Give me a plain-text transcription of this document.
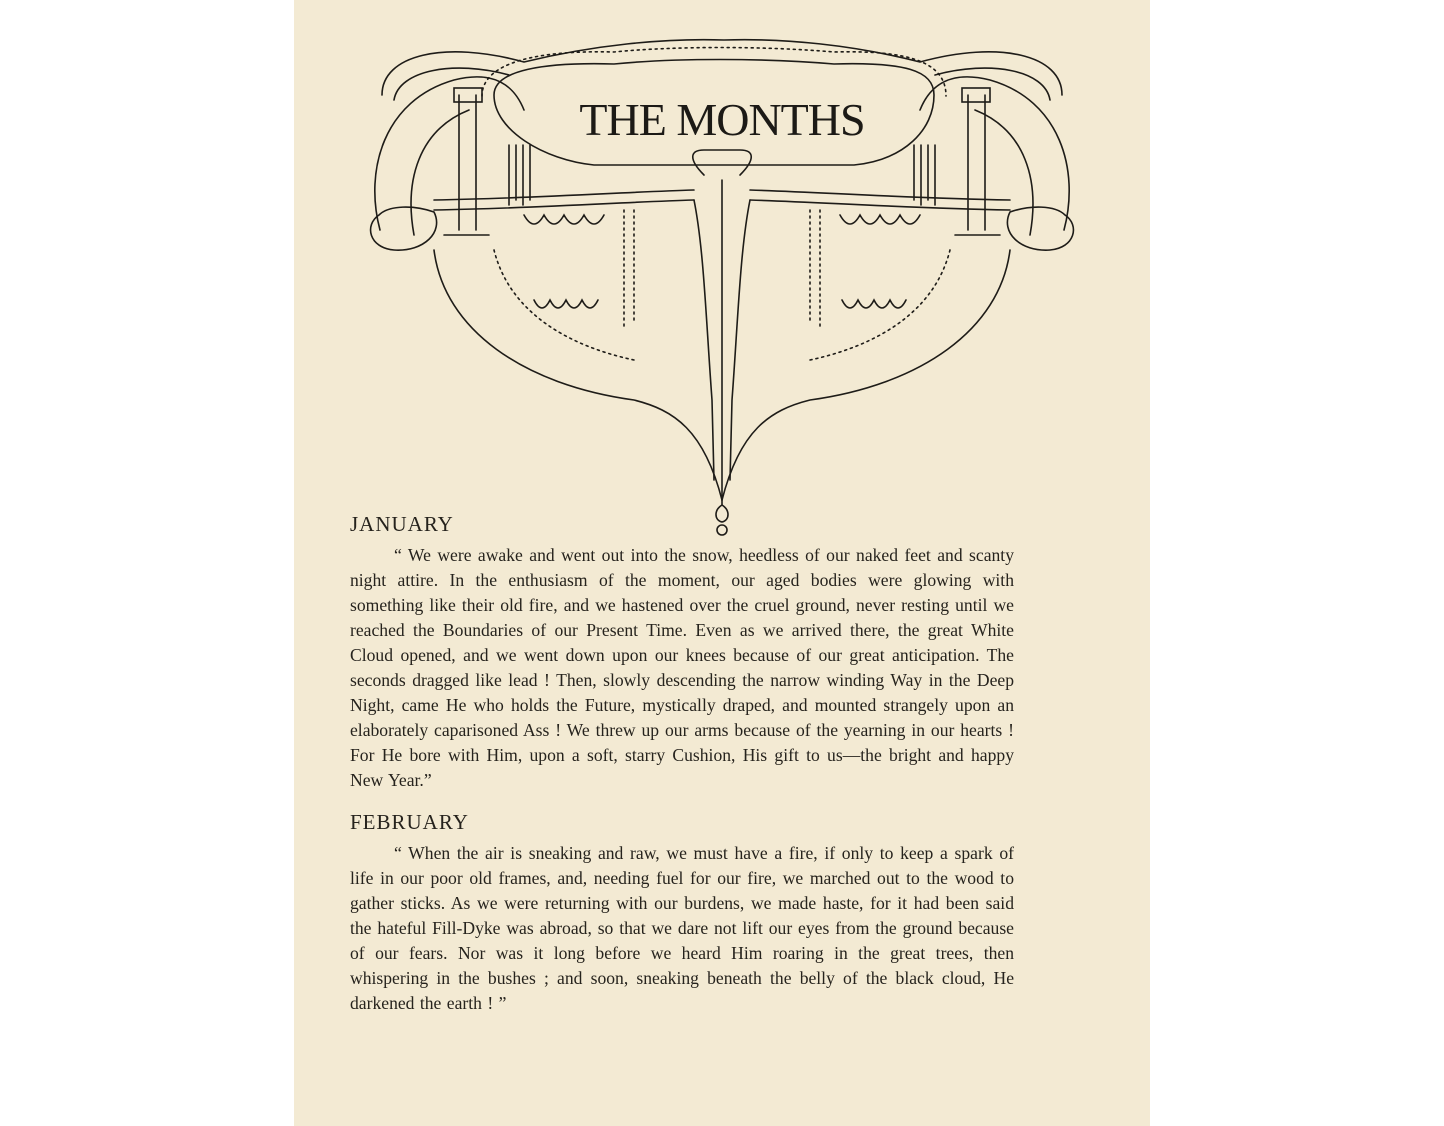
THE MONTHS
JANUARY

“ We were awake and went out into the snow, heedless of our naked feet and scanty night attire. In the enthusiasm of the moment, our aged bodies were glowing with something like their old fire, and we hastened over the cruel ground, never resting until we reached the Boundaries of our Present Time. Even as we arrived there, the great White Cloud opened, and we went down upon our knees because of our great anticipation. The seconds dragged like lead ! Then, slowly descending the narrow winding Way in the Deep Night, came He who holds the Future, mystically draped, and mounted strangely upon an elaborately caparisoned Ass ! We threw up our arms because of the yearning in our hearts ! For He bore with Him, upon a soft, starry Cushion, His gift to us—the bright and happy New Year.”

FEBRUARY

“ When the air is sneaking and raw, we must have a fire, if only to keep a spark of life in our poor old frames, and, needing fuel for our fire, we marched out to the wood to gather sticks. As we were returning with our burdens, we made haste, for it had been said the hateful Fill-Dyke was abroad, so that we dare not lift our eyes from the ground because of our fears. Nor was it long before we heard Him roaring in the great trees, then whispering in the bushes ; and soon, sneaking beneath the belly of the black cloud, He darkened the earth ! ”
